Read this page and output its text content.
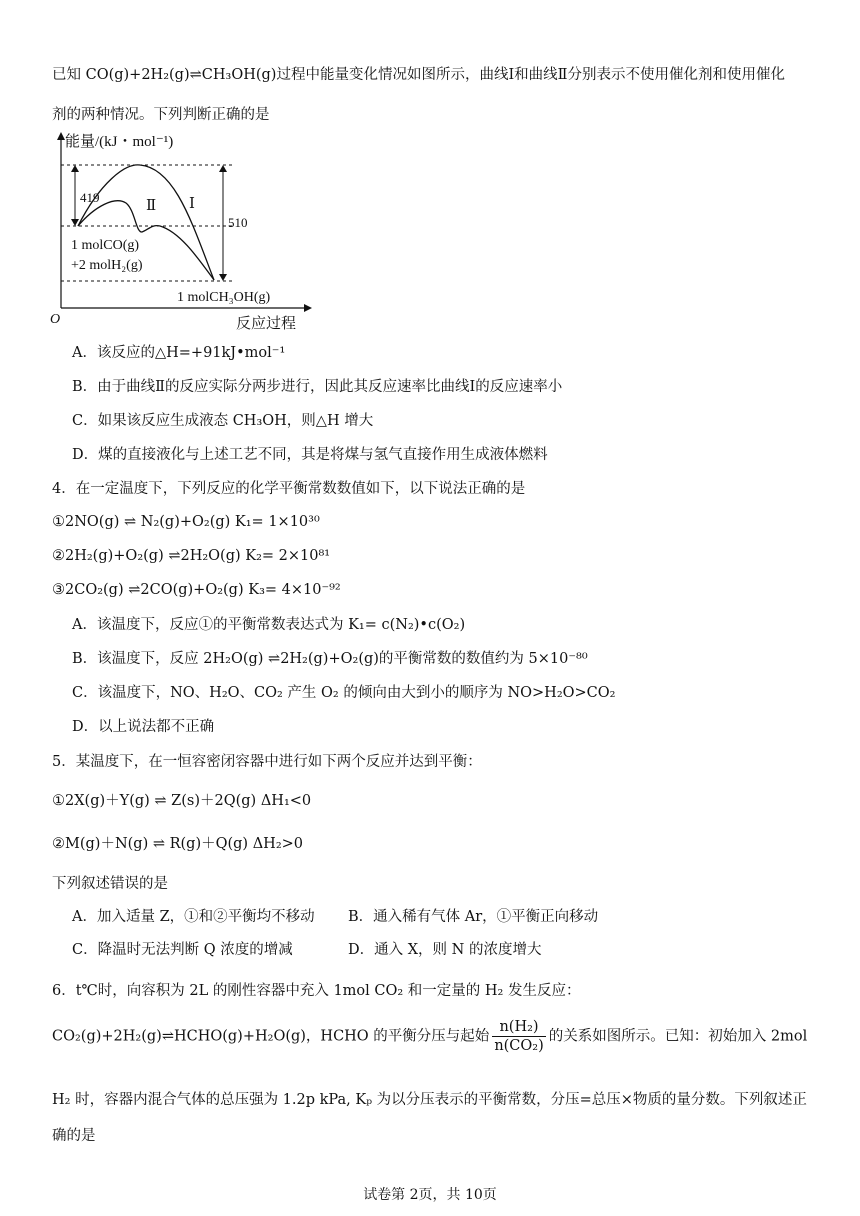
已知 CO(g)+2H₂(g)⇌CH₃OH(g)过程中能量变化情况如图所示，曲线Ⅰ和曲线Ⅱ分别表示不使用催化剂和使用催化
剂的两种情况。下列判断正确的是
能量/(kJ・mol⁻¹)
反应过程
O
419
510
Ⅱ Ⅰ
1 molCO(g)
+2 molH₂(g)
1 molCH₃OH(g)
A．该反应的△H=+91kJ•mol⁻¹
B．由于曲线Ⅱ的反应实际分两步进行，因此其反应速率比曲线Ⅰ的反应速率小
C．如果该反应生成液态 CH₃OH，则△H 增大
D．煤的直接液化与上述工艺不同，其是将煤与氢气直接作用生成液体燃料
4．在一定温度下，下列反应的化学平衡常数数值如下，以下说法正确的是
①2NO(g) ⇌ N₂(g)+O₂(g) K₁= 1×10³⁰
②2H₂(g)+O₂(g) ⇌2H₂O(g) K₂= 2×10⁸¹
③2CO₂(g) ⇌2CO(g)+O₂(g) K₃= 4×10⁻⁹²
A．该温度下，反应①的平衡常数表达式为 K₁= c(N₂)•c(O₂)
B．该温度下，反应 2H₂O(g) ⇌2H₂(g)+O₂(g)的平衡常数的数值约为 5×10⁻⁸⁰
C．该温度下，NO、H₂O、CO₂ 产生 O₂ 的倾向由大到小的顺序为 NO>H₂O>CO₂
D．以上说法都不正确
5．某温度下，在一恒容密闭容器中进行如下两个反应并达到平衡：
①2X(g)＋Y(g) ⇌ Z(s)＋2Q(g) ΔH₁<0
②M(g)＋N(g) ⇌ R(g)＋Q(g) ΔH₂>0
下列叙述错误的是
A．加入适量 Z，①和②平衡均不移动 B．通入稀有气体 Ar，①平衡正向移动
C．降温时无法判断 Q 浓度的增减	D．通入 X，则 N 的浓度增大
6．t℃时，向容积为 2L 的刚性容器中充入 1mol CO₂ 和一定量的 H₂ 发生反应：
CO₂(g)+2H₂(g)⇌HCHO(g)+H₂O(g)，HCHO 的平衡分压与起始 $\frac{\text{n(H₂)}}{\text{n(CO₂)}}$ 的关系如图所示。已知：初始加入 2mol
H₂ 时，容器内混合气体的总压强为 1.2p kPa, Kₚ 为以分压表示的平衡常数，分压=总压×物质的量分数。下列叙述正
确的是
试卷第 2页，共 10页
